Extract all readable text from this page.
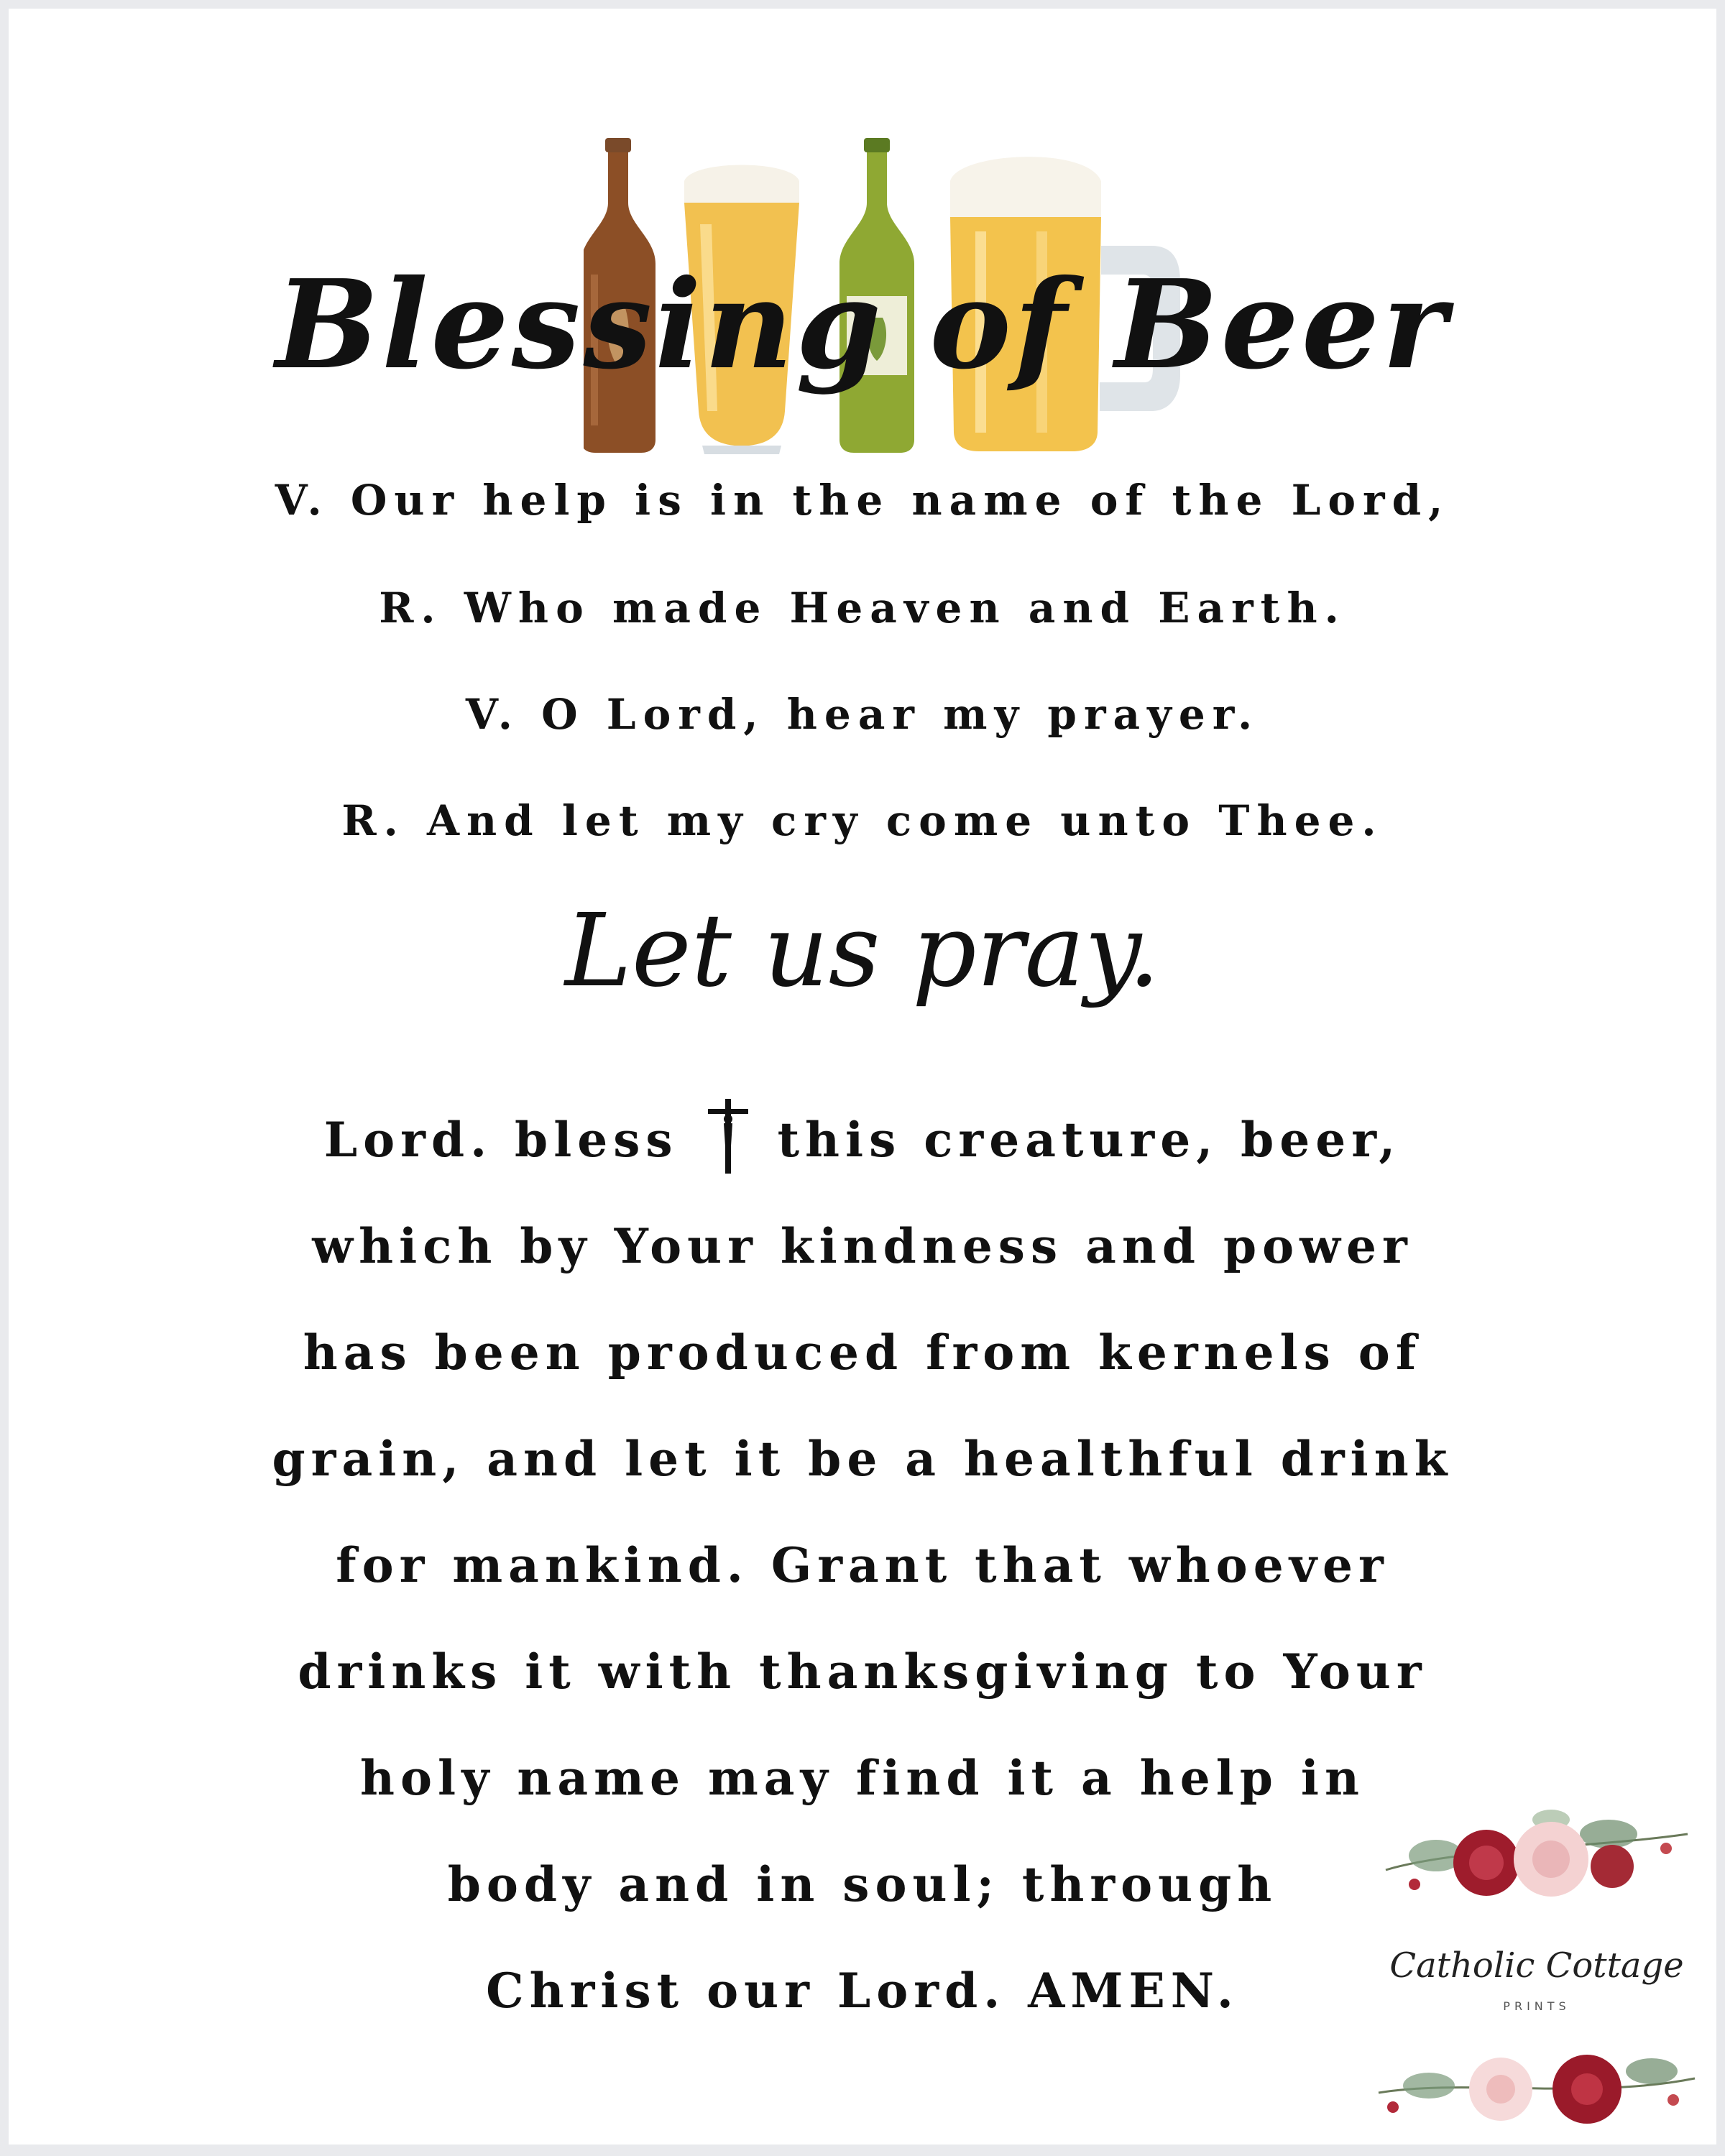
Blessing of Beer
V. Our help is in the name of the Lord,
R. Who made Heaven and Earth.
V. O Lord, hear my prayer.
R. And let my cry come unto Thee.
Let us pray.
Lord. bless this creature, beer,
which by Your kindness and power
has been produced from kernels of
grain, and let it be a healthful drink
for mankind. Grant that whoever
drinks it with thanksgiving to Your
holy name may find it a help in
body and in soul; through
Christ our Lord. AMEN.	Catholic Cottage
PRINTS
